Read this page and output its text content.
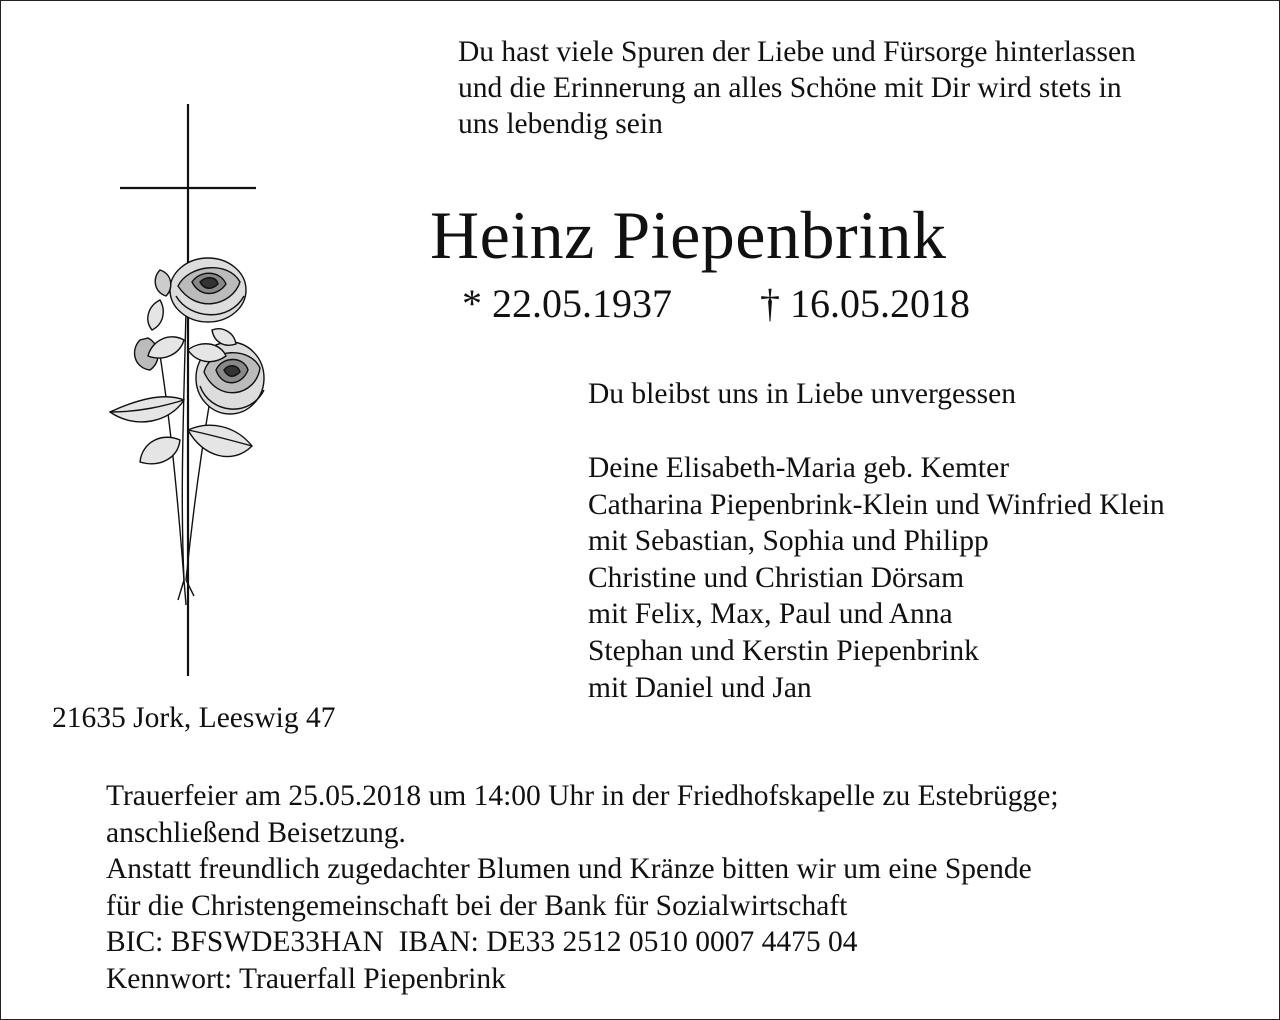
Du hast viele Spuren der Liebe und Fürsorge hinterlassen
und die Erinnerung an alles Schöne mit Dir wird stets in
uns lebendig sein
Heinz Piepenbrink
* 22.05.1937 † 16.05.2018
Du bleibst uns in Liebe unvergessen
Deine Elisabeth-Maria geb. Kemter
Catharina Piepenbrink-Klein und Winfried Klein
mit Sebastian, Sophia und Philipp
Christine und Christian Dörsam
mit Felix, Max, Paul und Anna
Stephan und Kerstin Piepenbrink
mit Daniel und Jan
21635 Jork, Leeswig 47
Trauerfeier am 25.05.2018 um 14:00 Uhr in der Friedhofskapelle zu Estebrügge;
anschließend Beisetzung.
Anstatt freundlich zugedachter Blumen und Kränze bitten wir um eine Spende
für die Christengemeinschaft bei der Bank für Sozialwirtschaft
BIC: BFSWDE33HAN  IBAN: DE33 2512 0510 0007 4475 04
Kennwort: Trauerfall Piepenbrink
